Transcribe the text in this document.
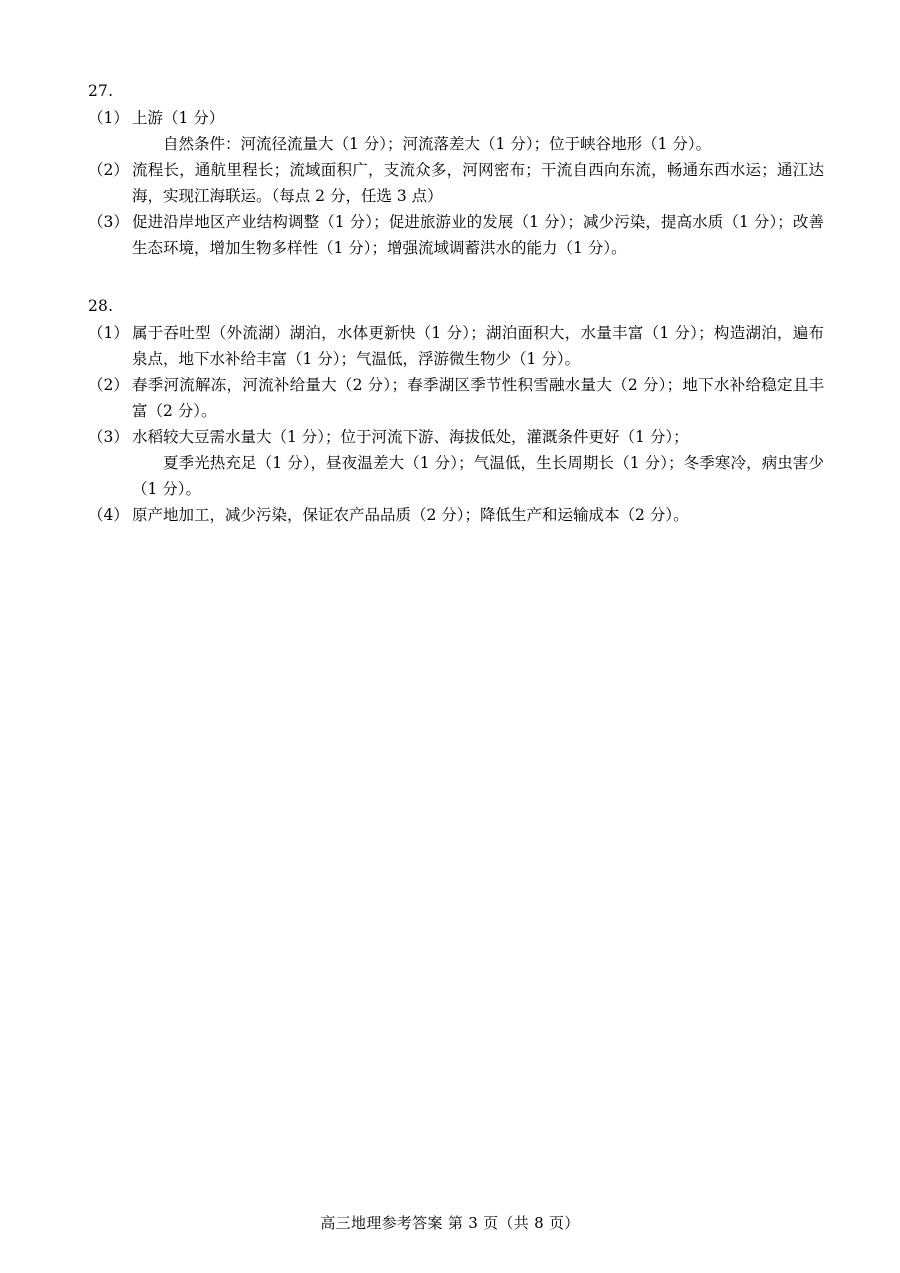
27.
（1） 上游（1 分）
自然条件：河流径流量大（1 分）；河流落差大（1 分）；位于峡谷地形（1 分）。
（2） 流程长，通航里程长；流域面积广，支流众多，河网密布；干流自西向东流，畅通东西水运；通江达海，实现江海联运。（每点 2 分，任选 3 点）
（3） 促进沿岸地区产业结构调整（1 分）；促进旅游业的发展（1 分）；减少污染，提高水质（1 分）；改善生态环境，增加生物多样性（1 分）；增强流域调蓄洪水的能力（1 分）。
28.
（1） 属于吞吐型（外流湖）湖泊，水体更新快（1 分）；湖泊面积大，水量丰富（1 分）；构造湖泊，遍布泉点，地下水补给丰富（1 分）；气温低，浮游微生物少（1 分）。
（2） 春季河流解冻，河流补给量大（2 分）；春季湖区季节性积雪融水量大（2 分）；地下水补给稳定且丰富（2 分）。
（3） 水稻较大豆需水量大（1 分）；位于河流下游、海拔低处，灌溉条件更好（1 分）；
夏季光热充足（1 分），昼夜温差大（1 分）；气温低，生长周期长（1 分）；冬季寒冷，病虫害少（1 分）。
（4） 原产地加工，减少污染，保证农产品品质（2 分）；降低生产和运输成本（2 分）。
高三地理参考答案 第 3 页（共 8 页）
